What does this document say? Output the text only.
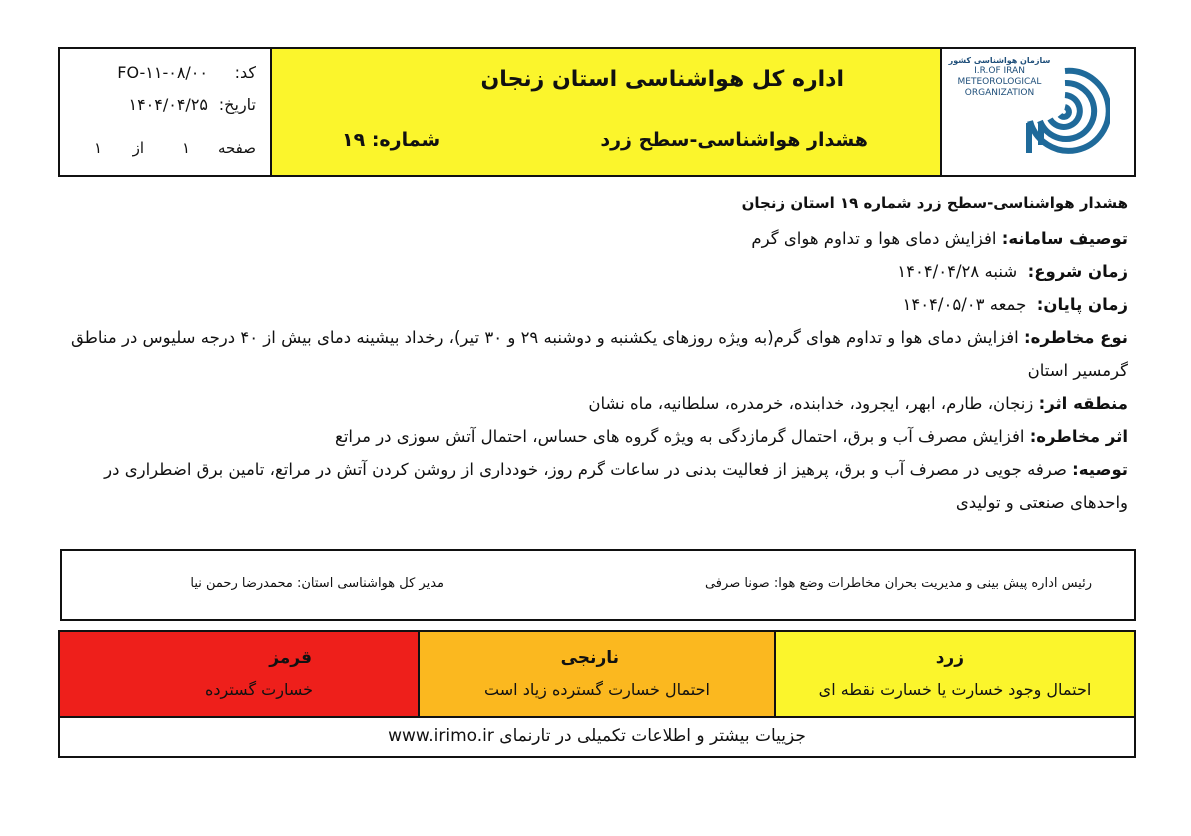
کد:
FO-۱۱-۰۸/۰۰
تاریخ:
۱۴۰۴/۰۴/۲۵
صفحه
۱
از
۱
اداره کل هواشناسی استان زنجان
هشدار هواشناسی-سطح زرد
شماره: ۱۹
سازمان هواشناسی کشور
I.R.OF IRAN
METEOROLOGICAL
ORGANIZATION
هشدار هواشناسی-سطح زرد شماره ۱۹ استان زنجان

توصیف سامانه: افزایش دمای هوا و تداوم هوای گرم

زمان شروع:  شنبه ۱۴۰۴/۰۴/۲۸

زمان پایان:  جمعه ۱۴۰۴/۰۵/۰۳

نوع مخاطره: افزایش دمای هوا و تداوم هوای گرم(به ویژه روزهای یکشنبه و دوشنبه ۲۹ و ۳۰ تیر)، رخداد بیشینه دمای بیش از ۴۰ درجه سلیوس در مناطق گرمسیر استان

منطقه اثر: زنجان، طارم، ابهر، ایجرود، خدابنده، خرمدره، سلطانیه، ماه نشان

اثر مخاطره: افزایش مصرف آب و برق، احتمال گرمازدگی به ویژه گروه های حساس، احتمال آتش سوزی در مراتع

توصیه: صرفه جویی در مصرف آب و برق، پرهیز از فعالیت بدنی در ساعات گرم روز، خودداری از روشن کردن آتش در مراتع، تامین برق اضطراری در واحدهای صنعتی و تولیدی

رئیس اداره پیش بینی و مدیریت بحران مخاطرات وضع هوا: صونا صرفی
مدیر کل هواشناسی استان: محمدرضا رحمن نیا
زرد
احتمال وجود خسارت یا خسارت نقطه ای
نارنجی
احتمال خسارت گسترده زیاد است
قرمز
خسارت گسترده
جزییات بیشتر و اطلاعات تکمیلی در تارنمای www.irimo.ir
